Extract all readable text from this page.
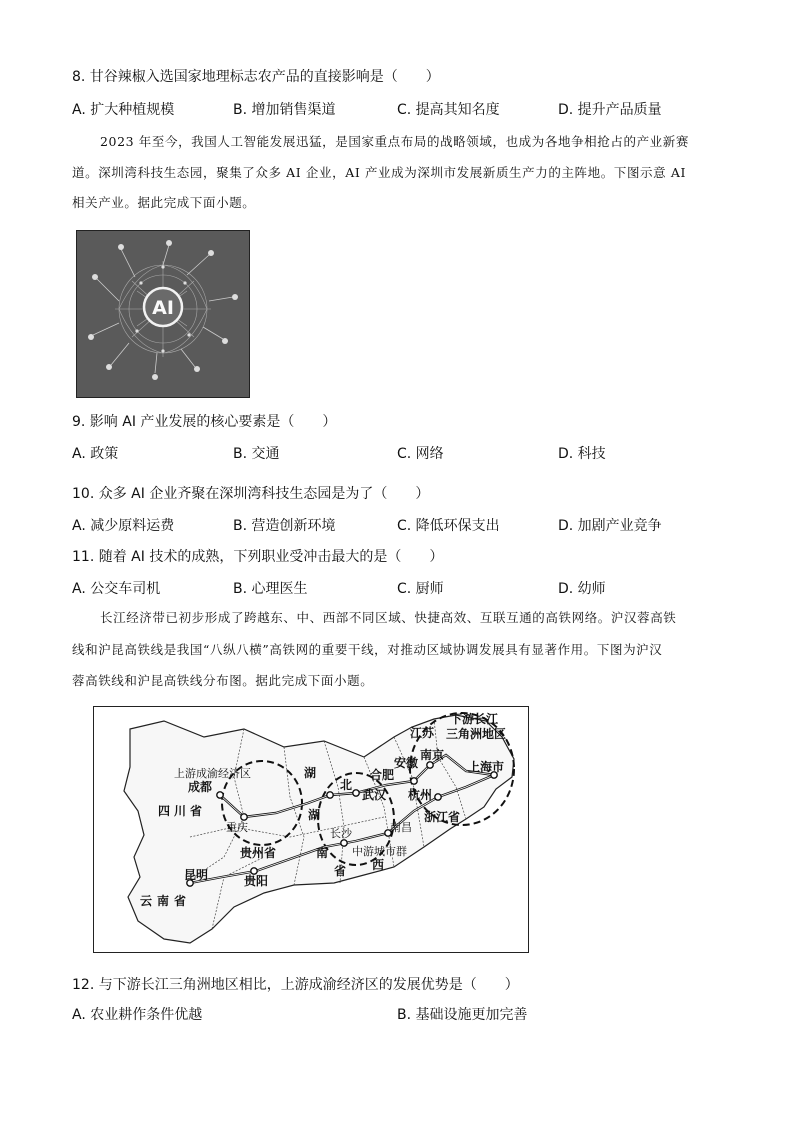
8. 甘谷辣椒入选国家地理标志农产品的直接影响是（　　）
A. 扩大种植规模	B. 增加销售渠道	C. 提高其知名度	D. 提升产品质量
2023 年至今，我国人工智能发展迅猛，是国家重点布局的战略领域，也成为各地争相抢占的产业新赛
道。深圳湾科技生态园，聚集了众多 AI 企业，AI 产业成为深圳市发展新质生产力的主阵地。下图示意 AI
相关产业。据此完成下面小题。
AI
9. 影响 AI 产业发展的核心要素是（　　）
A. 政策	B. 交通	C. 网络	D. 科技
10. 众多 AI 企业齐聚在深圳湾科技生态园是为了（　　）
A. 减少原料运费	B. 营造创新环境	C. 降低环保支出	D. 加剧产业竞争
11. 随着 AI 技术的成熟，下列职业受冲击最大的是（　　）
A. 公交车司机	B. 心理医生	C. 厨师	D. 幼师
长江经济带已初步形成了跨越东、中、西部不同区域、快捷高效、互联互通的高铁网络。沪汉蓉高铁
线和沪昆高铁线是我国“八纵八横”高铁网的重要干线，对推动区域协调发展具有显著作用。下图为沪汉
蓉高铁线和沪昆高铁线分布图。据此完成下面小题。
上游成渝经济区
下游长江
三角洲地区
上海市
成都
四川省
重庆
湖
北
武汉
合肥
安徽
江苏
南京
杭州
浙江省
南昌
长沙
湖
南
省
中游城市群
西
贵州省
贵阳
昆明
云南省
12. 与下游长江三角洲地区相比，上游成渝经济区的发展优势是（　　）
A. 农业耕作条件优越	B. 基础设施更加完善
